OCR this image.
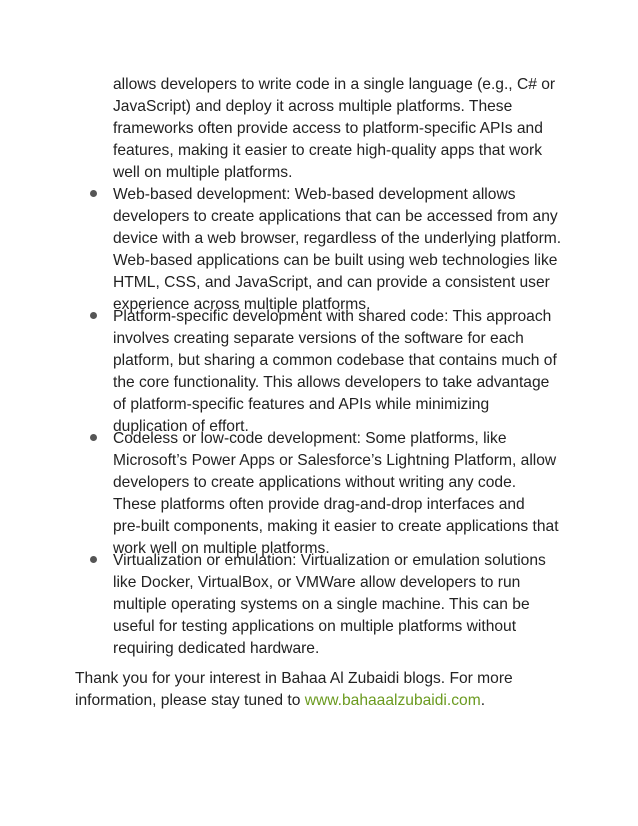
allows developers to write code in a single language (e.g., C# or
JavaScript) and deploy it across multiple platforms. These
frameworks often provide access to platform-specific APIs and
features, making it easier to create high-quality apps that work
well on multiple platforms.
Web-based development: Web-based development allows
developers to create applications that can be accessed from any
device with a web browser, regardless of the underlying platform.
Web-based applications can be built using web technologies like
HTML, CSS, and JavaScript, and can provide a consistent user
experience across multiple platforms.
Platform-specific development with shared code: This approach
involves creating separate versions of the software for each
platform, but sharing a common codebase that contains much of
the core functionality. This allows developers to take advantage
of platform-specific features and APIs while minimizing
duplication of effort.
Codeless or low-code development: Some platforms, like
Microsoft’s Power Apps or Salesforce’s Lightning Platform, allow
developers to create applications without writing any code.
These platforms often provide drag-and-drop interfaces and
pre-built components, making it easier to create applications that
work well on multiple platforms.
Virtualization or emulation: Virtualization or emulation solutions
like Docker, VirtualBox, or VMWare allow developers to run
multiple operating systems on a single machine. This can be
useful for testing applications on multiple platforms without
requiring dedicated hardware.
Thank you for your interest in Bahaa Al Zubaidi blogs. For more
information, please stay tuned to www.bahaaalzubaidi.com.
